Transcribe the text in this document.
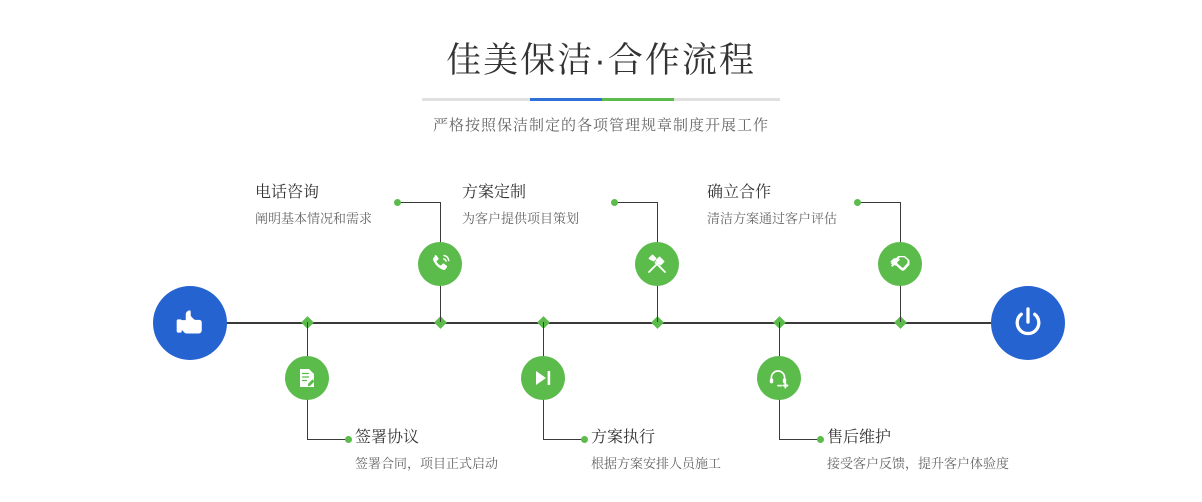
佳美保洁·合作流程
严格按照保洁制定的各项管理规章制度开展工作
电话咨询
阐明基本情况和需求
签署协议
签署合同，项目正式启动
方案定制
为客户提供项目策划
方案执行
根据方案安排人员施工
售后维护
接受客户反馈，提升客户体验度
确立合作
清洁方案通过客户评估
